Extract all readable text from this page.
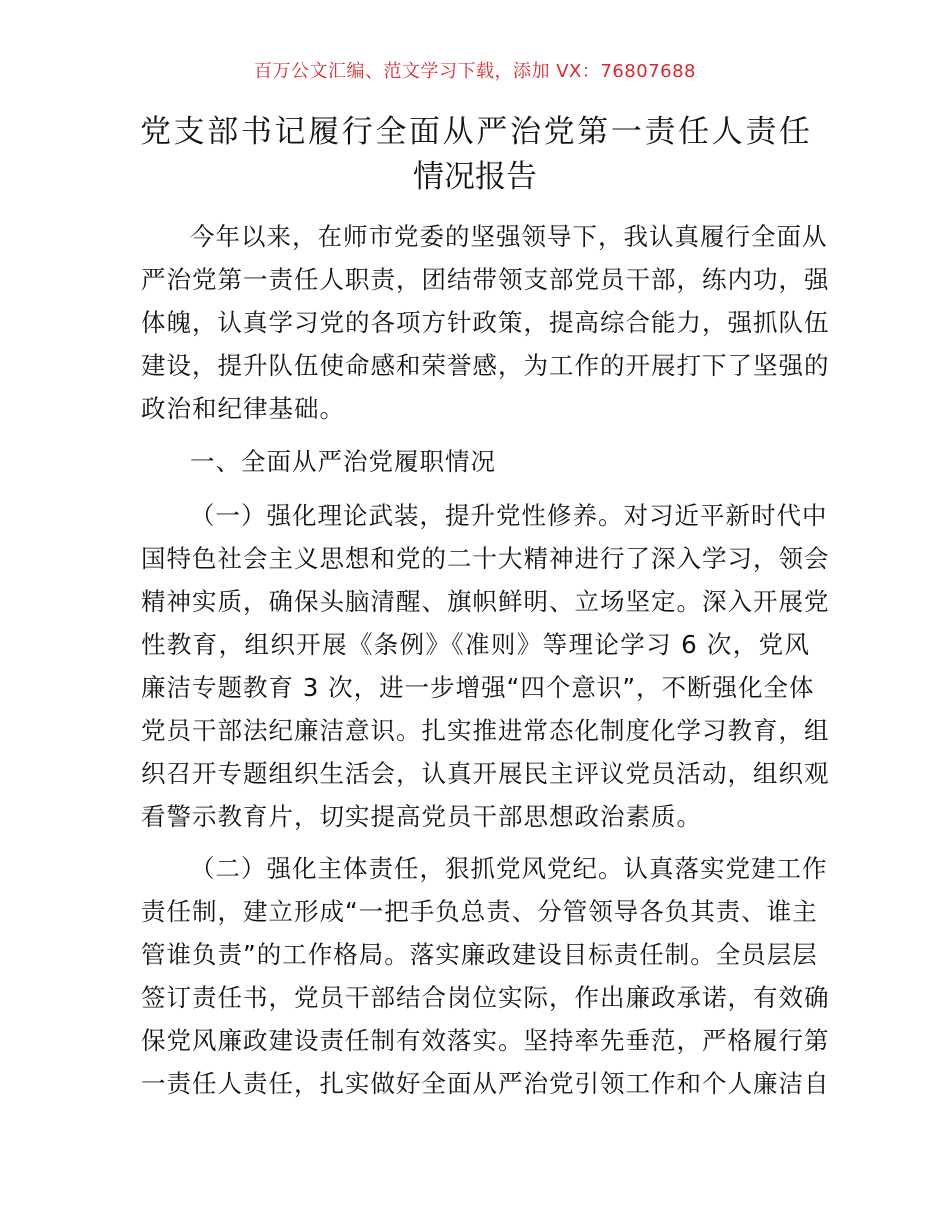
百万公文汇编、范文学习下载，添加 VX：76807688
党支部书记履行全面从严治党第一责任人责任
情况报告
今年以来，在师市党委的坚强领导下，我认真履行全面从
严治党第一责任人职责，团结带领支部党员干部，练内功，强
体魄，认真学习党的各项方针政策，提高综合能力，强抓队伍
建设，提升队伍使命感和荣誉感，为工作的开展打下了坚强的
政治和纪律基础。
一、全面从严治党履职情况
（一）强化理论武装，提升党性修养。对习近平新时代中
国特色社会主义思想和党的二十大精神进行了深入学习，领会
精神实质，确保头脑清醒、旗帜鲜明、立场坚定。深入开展党
性教育，组织开展《条例》《准则》等理论学习 6 次，党风
廉洁专题教育 3 次，进一步增强“四个意识”，不断强化全体
党员干部法纪廉洁意识。扎实推进常态化制度化学习教育，组
织召开专题组织生活会，认真开展民主评议党员活动，组织观
看警示教育片，切实提高党员干部思想政治素质。
（二）强化主体责任，狠抓党风党纪。认真落实党建工作
责任制，建立形成“一把手负总责、分管领导各负其责、谁主
管谁负责”的工作格局。落实廉政建设目标责任制。全员层层
签订责任书，党员干部结合岗位实际，作出廉政承诺，有效确
保党风廉政建设责任制有效落实。坚持率先垂范，严格履行第
一责任人责任，扎实做好全面从严治党引领工作和个人廉洁自
